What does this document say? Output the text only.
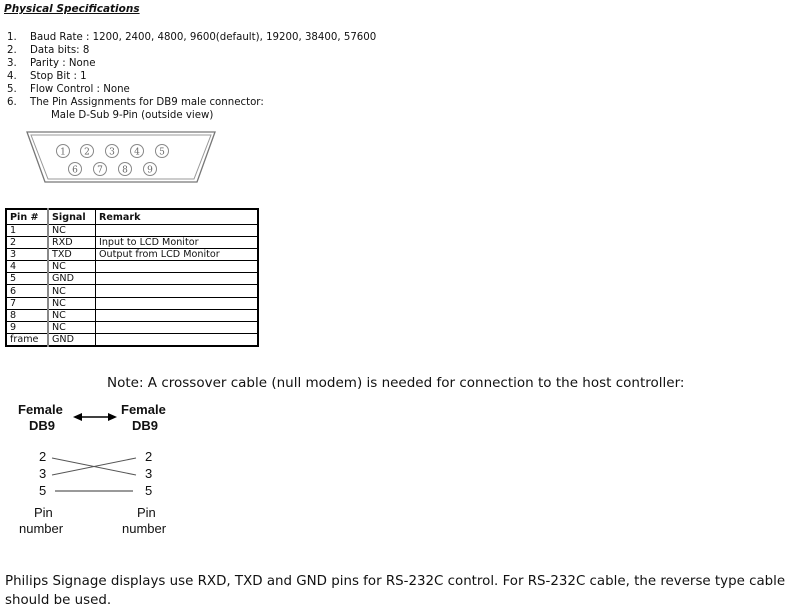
Physical Specifications
1.	Baud Rate : 1200, 2400, 4800, 9600(default), 19200, 38400, 57600
2.	Data bits: 8
3.	Parity : None
4.	Stop Bit : 1
5.	Flow Control : None
6.	The Pin Assignments for DB9 male connector:
Male D-Sub 9-Pin (outside view)
1 2 3 4 5
6 7 8 9
Pin #	Signal	Remark
1	NC	
2	RXD	Input to LCD Monitor
3	TXD	Output from LCD Monitor
4	NC	
5	GND	
6	NC	
7	NC	
8	NC	
9	NC	
frame	GND	
Note: A crossover cable (null modem) is needed for connection to the host controller:
Female
DB9
Female
DB9
2
3
5
2
3
5
Pin
number
Pin
number
Philips Signage displays use RXD, TXD and GND pins for RS-232C control. For RS-232C cable, the reverse type cable should be used.
